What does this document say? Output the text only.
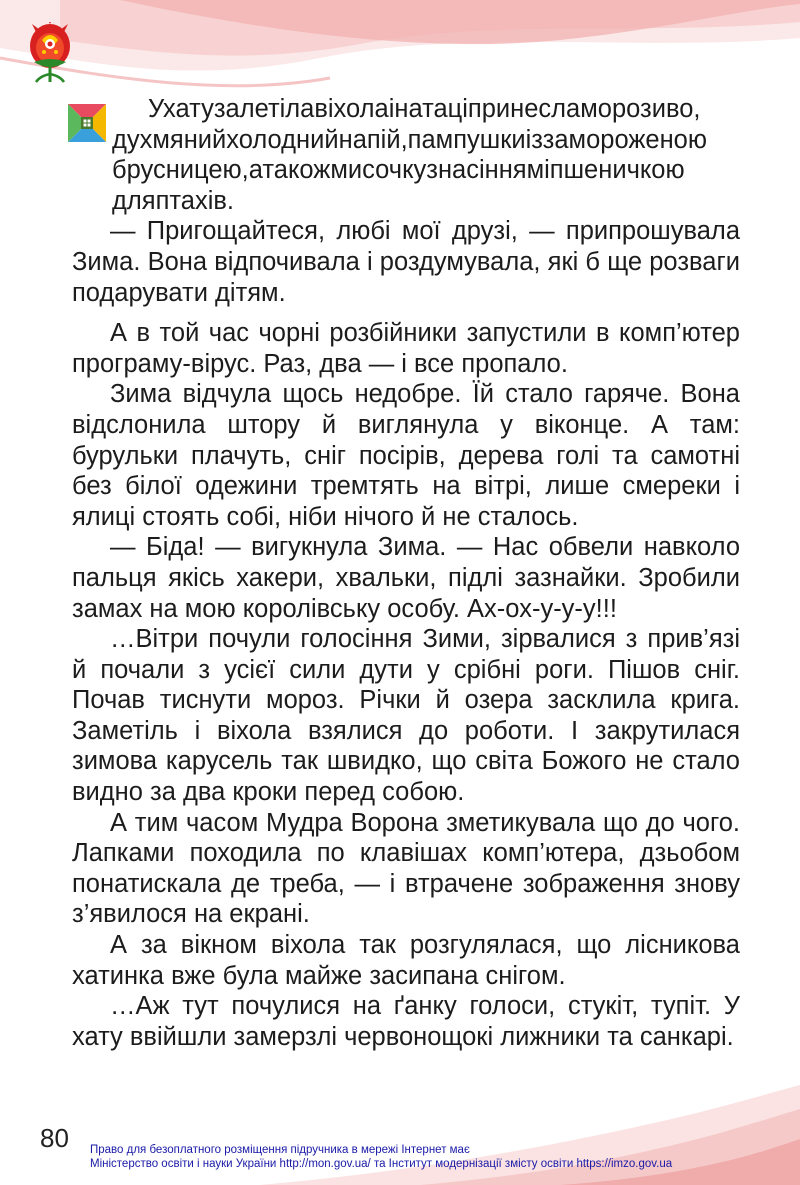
Ухатузалетілавіхолаінатаціпринесламорозиво, духмянийхолоднийнапій,пампушкиіззамороженою брусницею,атакожмисочкузнасінняміпшеничкою дляптахів.

— Пригощайтеся, любі мої друзі, — припрошувала Зима. Вона відпочивала і роздумувала, які б ще розваги подарувати дітям.

А в той час чорні розбійники запустили в комп’ютер програму-вірус. Раз, два — і все пропало.

Зима відчула щось недобре. Їй стало гаряче. Вона відслонила штору й виглянула у віконце. А там: бурульки плачуть, сніг посірів, дерева голі та самотні без білої одежини тремтять на вітрі, лише смереки і ялиці стоять собі, ніби нічого й не сталось.

— Біда! — вигукнула Зима. — Нас обвели навколо пальця якісь хакери, хвальки, підлі зазнайки. Зробили замах на мою королівську особу. Ах-ох-у-у-у!!!

…Вітри почули голосіння Зими, зірвалися з прив’язі й почали з усієї сили дути у срібні роги. Пішов сніг. Почав тиснути мороз. Річки й озера засклила крига. Заметіль і віхола взялися до роботи. І закрутилася зимова карусель так швидко, що світа Божого не стало видно за два кроки перед собою.

А тим часом Мудра Ворона зметикувала що до чого. Лапками походила по клавішах комп’ютера, дзьобом понатискала де треба, — і втрачене зображення знову з’явилося на екрані.

А за вікном віхола так розгулялася, що лісникова хатинка вже була майже засипана снігом.

…Аж тут почулися на ґанку голоси, стукіт, тупіт. У хату ввійшли замерзлі червонощокі лижники та санкарі.

80 Право для безоплатного розміщення підручника в мережі Інтернет має
Міністерство освіти і науки України http://mon.gov.ua/ та Інститут модернізації змісту освіти https://imzo.gov.ua
